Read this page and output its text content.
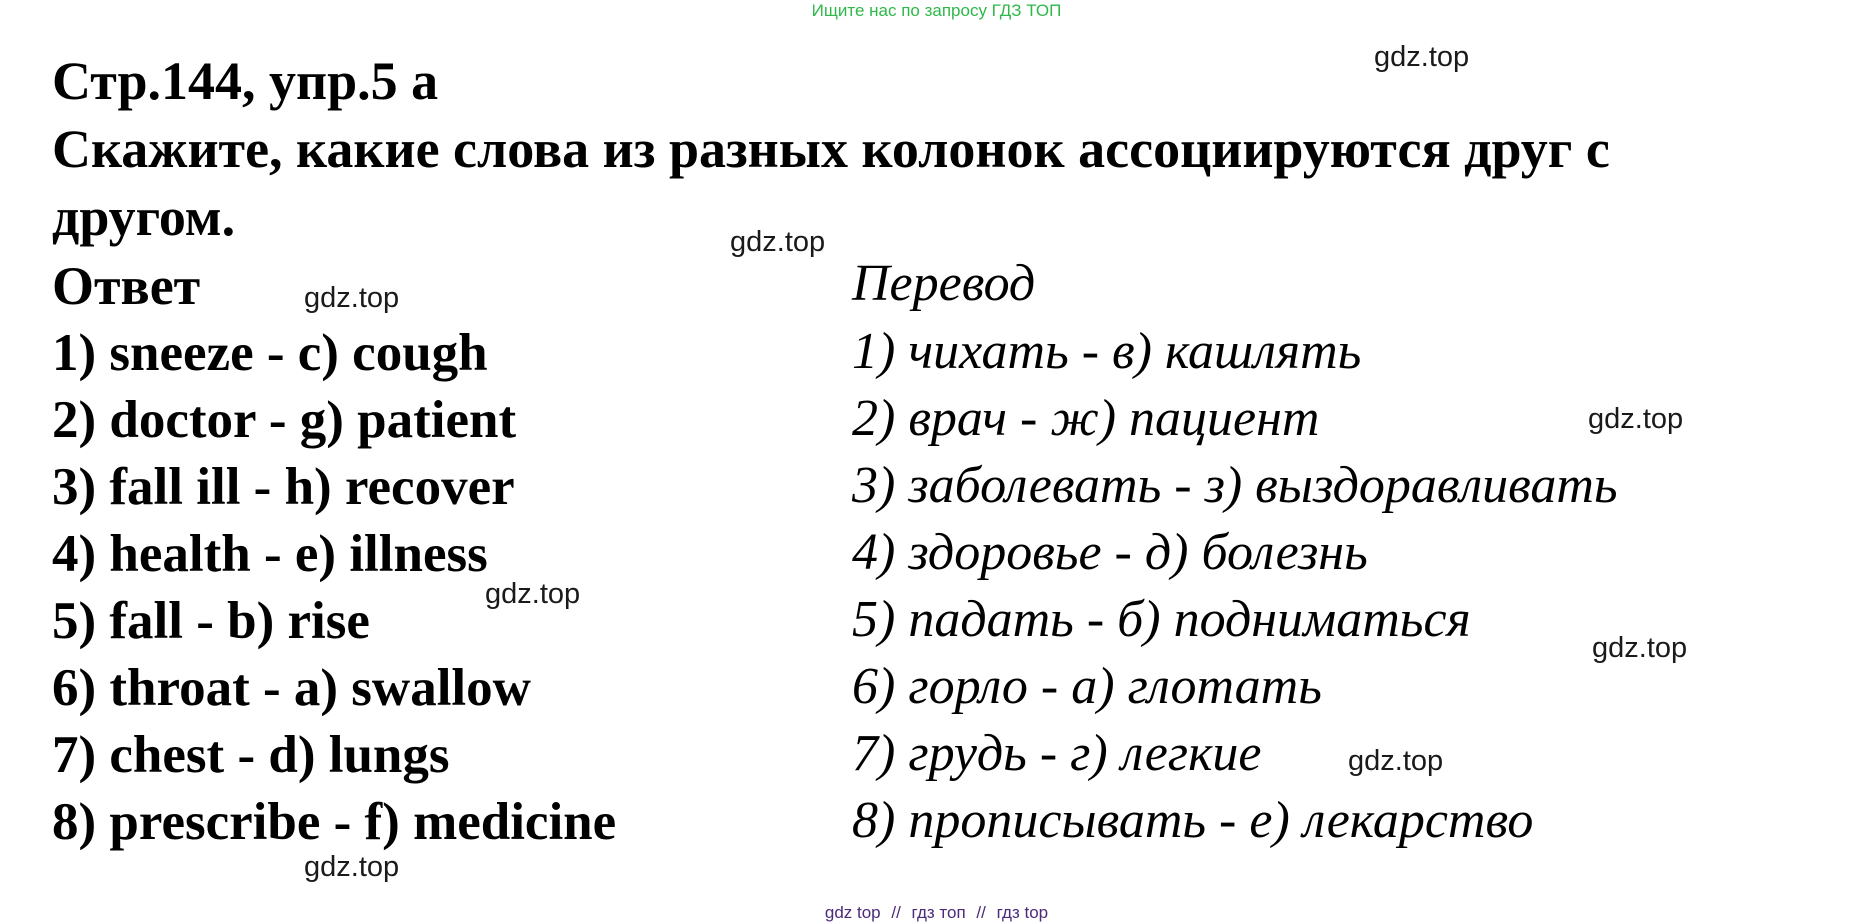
Ищите нас по запросу ГДЗ ТОП
Стр.144, упр.5 а
Скажите, какие слова из разных колонок ассоциируются друг с
другом.
Ответ
1) sneeze - c) cough
2) doctor - g) patient
3) fall ill - h) recover
4) health - e) illness
5) fall - b) rise
6) throat - a) swallow
7) chest - d) lungs
8) prescribe - f) medicine
Перевод
1) чихать - в) кашлять
2) врач - ж) пациент
3) заболевать - з) выздоравливать
4) здоровье - д) болезнь
5) падать - б) подниматься
6) горло - а) глотать
7) грудь - г) легкие
8) прописывать - е) лекарство
gdz.top
gdz.top
gdz.top
gdz.top
gdz.top
gdz.top
gdz.top
gdz.top
gdz top // гдз топ // гдз top
